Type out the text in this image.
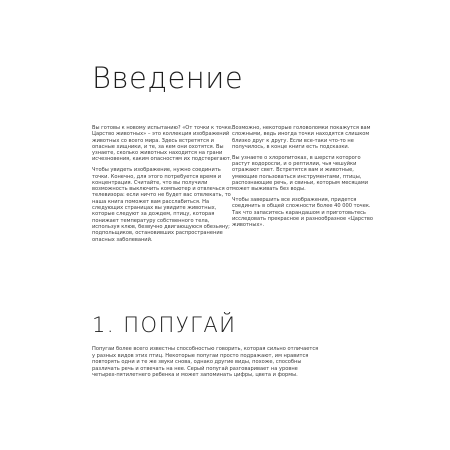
Введение

Вы готовы к новому испытанию? «От точки к точке. Царство животных» – это коллекция изображений животных со всего мира. Здесь встретятся и опасные хищники, и те, за кем они охотятся. Вы узнаете, сколько животных находится на грани исчезновения, каким опасностям их подстерегают.

Чтобы увидеть изображение, нужно соединить точки. Конечно, для этого потребуется время и концентрация. Считайте, что вы получили возможность выключить компьютер и отвлечься от телевизора: если ничто не будет вас отвлекать, то наша книга поможет вам расслабиться. На следующих страницах вы увидите животных, которые следуют за дождем, птицу, которая понижает температуру собственного тела, используя клюв, безвучно двигающуюся обезьяну; подпольщиков, остановивших распространение опасных заболеваний.

Возможно, некоторые головоломки покажутся вам сложными, ведь иногда точки находятся слишком близко друг к другу. Если все-таки что-то не получилось, в конце книги есть подсказки.

Вы узнаете о хлоропитоках, в шерсти которого растут водоросли, и о рептилии, чья чешуйки отражают свет. Встретятся вам и животные, умеющие пользоваться инструментами, птицы, распознающие речь, и свиньи, которым месяцами может выживать без воды.

Чтобы завершить все изображения, придется соединить в общей сложности более 40 000 точек. Так что запаситесь карандашом и приготовьтесь исследовать прекрасное и разнообразное «Царство животных».

1. ПОПУГАЙ

Попугаи более всего известны способностью говорить, которая сильно отличается у разных видов этих птиц. Некоторые попугаи просто подражают, им нравится повторять одни и те же звуки снова, однако другие виды, похоже, способны различать речь и отвечать на нее. Серый попугай разговаривает на уровне четырех-пятилетнего ребенка и может запоминать цифры, цвета и формы.
